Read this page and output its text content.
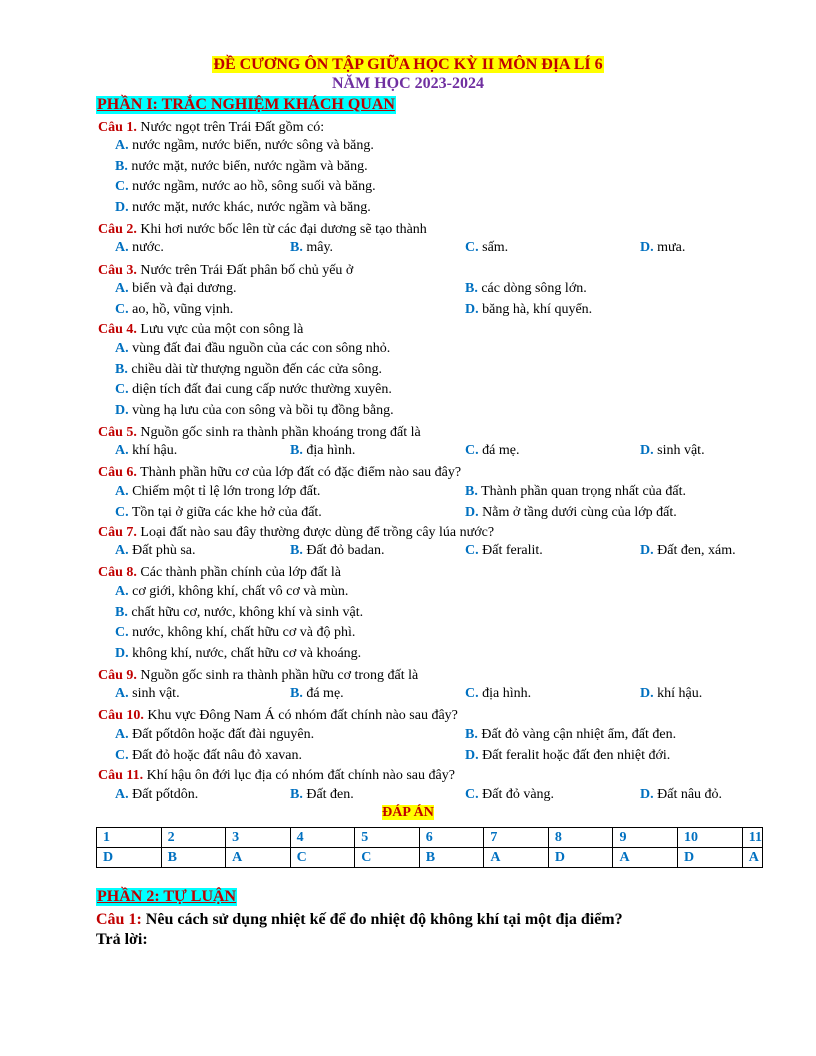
ĐỀ CƯƠNG ÔN TẬP GIỮA HỌC KỲ II MÔN ĐỊA LÍ 6
NĂM HỌC 2023-2024
PHẦN I: TRẮC NGHIỆM KHÁCH QUAN
Câu 1. Nước ngọt trên Trái Đất gồm có:
A. nước ngầm, nước biển, nước sông và băng.
B. nước mặt, nước biển, nước ngầm và băng.
C. nước ngầm, nước ao hồ, sông suối và băng.
D. nước mặt, nước khác, nước ngầm và băng.
Câu 2. Khi hơi nước bốc lên từ các đại dương sẽ tạo thành
A. nước.	B. mây.	C. sấm.	D. mưa.
Câu 3. Nước trên Trái Đất phân bố chủ yếu ở
A. biển và đại dương.	B. các dòng sông lớn.
C. ao, hồ, vũng vịnh.	D. băng hà, khí quyển.
Câu 4. Lưu vực của một con sông là
A. vùng đất đai đầu nguồn của các con sông nhỏ.
B. chiều dài từ thượng nguồn đến các cửa sông.
C. diện tích đất đai cung cấp nước thường xuyên.
D. vùng hạ lưu của con sông và bồi tụ đồng bằng.
Câu 5. Nguồn gốc sinh ra thành phần khoáng trong đất là
A. khí hậu.	B. địa hình.	C. đá mẹ.	D. sinh vật.
Câu 6. Thành phần hữu cơ của lớp đất có đặc điểm nào sau đây?
A. Chiếm một tỉ lệ lớn trong lớp đất.	B. Thành phần quan trọng nhất của đất.
C. Tồn tại ở giữa các khe hở của đất.	D. Nằm ở tầng dưới cùng của lớp đất.
Câu 7. Loại đất nào sau đây thường được dùng để trồng cây lúa nước?
A. Đất phù sa.	B. Đất đỏ badan.	C. Đất feralit.	D. Đất đen, xám.
Câu 8. Các thành phần chính của lớp đất là
A. cơ giới, không khí, chất vô cơ và mùn.
B. chất hữu cơ, nước, không khí và sinh vật.
C. nước, không khí, chất hữu cơ và độ phì.
D. không khí, nước, chất hữu cơ và khoáng.
Câu 9. Nguồn gốc sinh ra thành phần hữu cơ trong đất là
A. sinh vật.	B. đá mẹ.	C. địa hình.	D. khí hậu.
Câu 10. Khu vực Đông Nam Á có nhóm đất chính nào sau đây?
A. Đất pốtdôn hoặc đất đài nguyên.	B. Đất đỏ vàng cận nhiệt ẩm, đất đen.
C. Đất đỏ hoặc đất nâu đỏ xavan.	D. Đất feralit hoặc đất đen nhiệt đới.
Câu 11. Khí hậu ôn đới lục địa có nhóm đất chính nào sau đây?
A. Đất pốtdôn.	B. Đất đen.	C. Đất đỏ vàng.	D. Đất nâu đỏ.
ĐÁP ÁN
1	2	3	4	5	6	7	8	9	10	11
D	B	A	C	C	B	A	D	A	D	A
PHẦN 2: TỰ LUẬN
Câu 1: Nêu cách sử dụng nhiệt kế để đo nhiệt độ không khí tại một địa điểm?
Trả lời:
